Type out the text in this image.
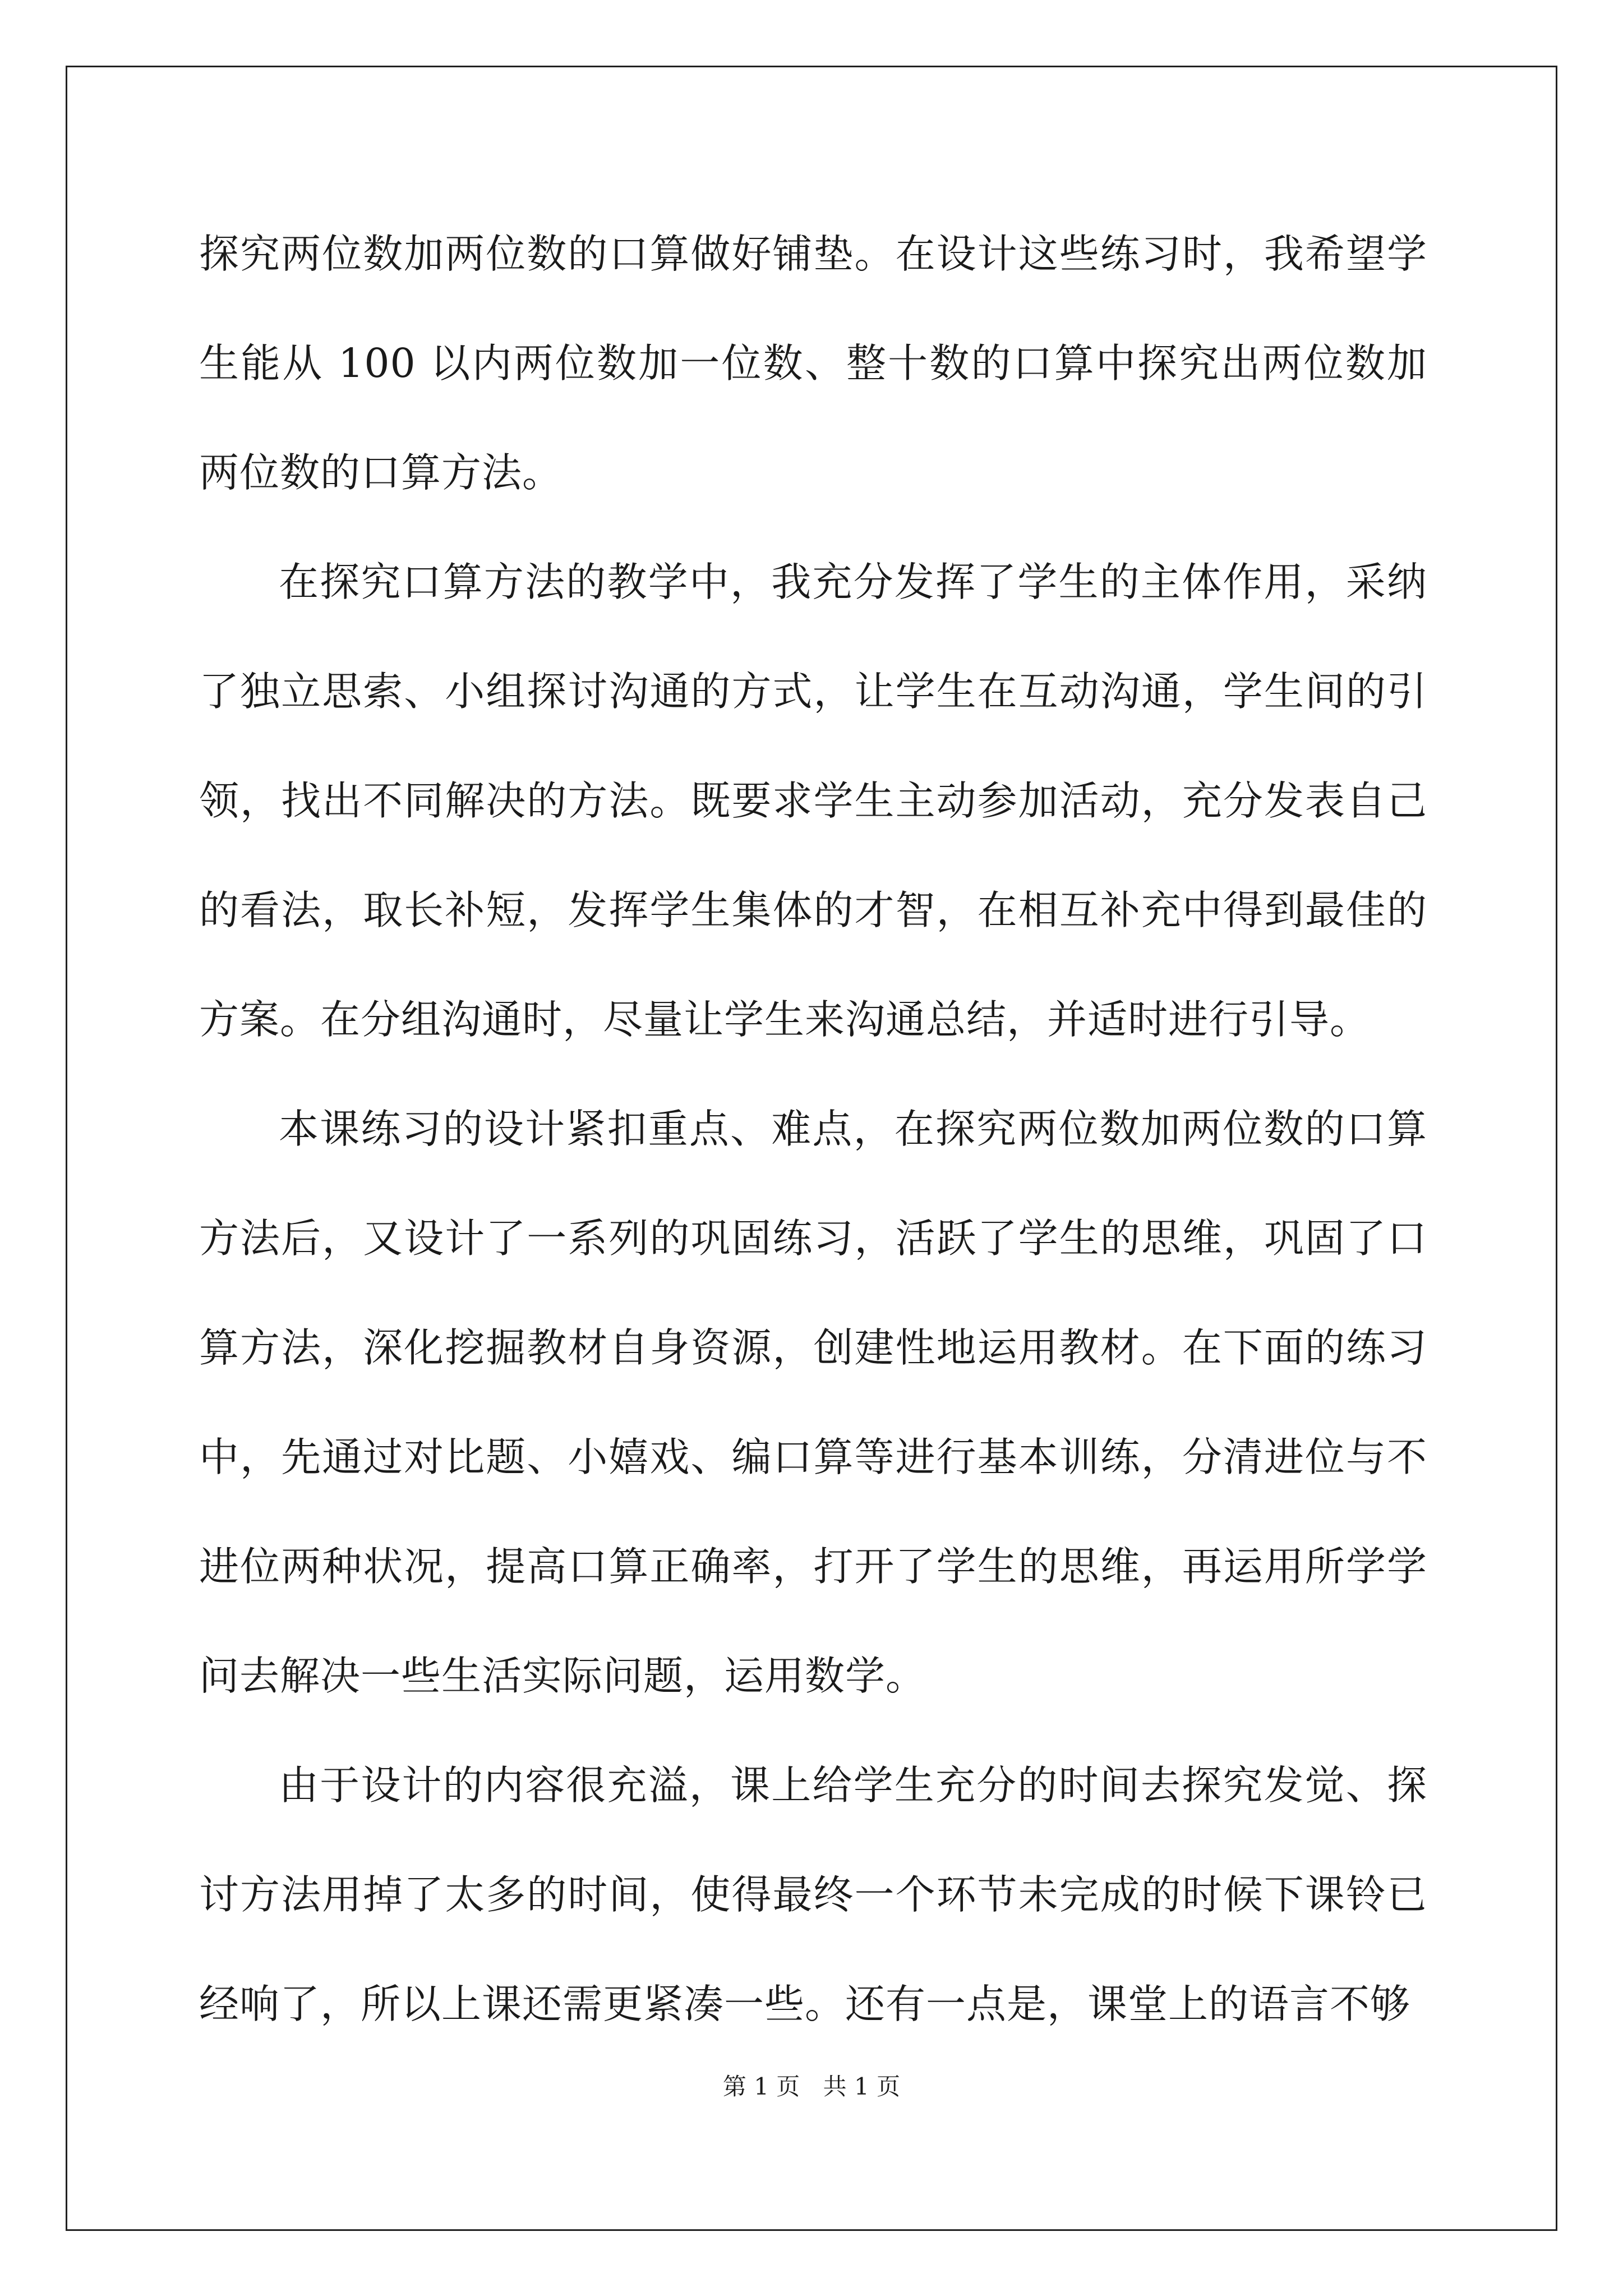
探究两位数加两位数的口算做好铺垫。在设计这些练习时，我希望学生能从 100 以内两位数加一位数、整十数的口算中探究出两位数加两位数的口算方法。

在探究口算方法的教学中，我充分发挥了学生的主体作用，采纳了独立思索、小组探讨沟通的方式，让学生在互动沟通，学生间的引领，找出不同解决的方法。既要求学生主动参加活动，充分发表自己的看法，取长补短，发挥学生集体的才智，在相互补充中得到最佳的方案。在分组沟通时，尽量让学生来沟通总结，并适时进行引导。

本课练习的设计紧扣重点、难点，在探究两位数加两位数的口算方法后，又设计了一系列的巩固练习，活跃了学生的思维，巩固了口算方法，深化挖掘教材自身资源，创建性地运用教材。在下面的练习中，先通过对比题、小嬉戏、编口算等进行基本训练，分清进位与不进位两种状况，提高口算正确率，打开了学生的思维，再运用所学学问去解决一些生活实际问题，运用数学。

由于设计的内容很充溢，课上给学生充分的时间去探究发觉、探讨方法用掉了太多的时间，使得最终一个环节未完成的时候下课铃已经响了，所以上课还需更紧凑一些。还有一点是，课堂上的语言不够

第 1 页 共 1 页
